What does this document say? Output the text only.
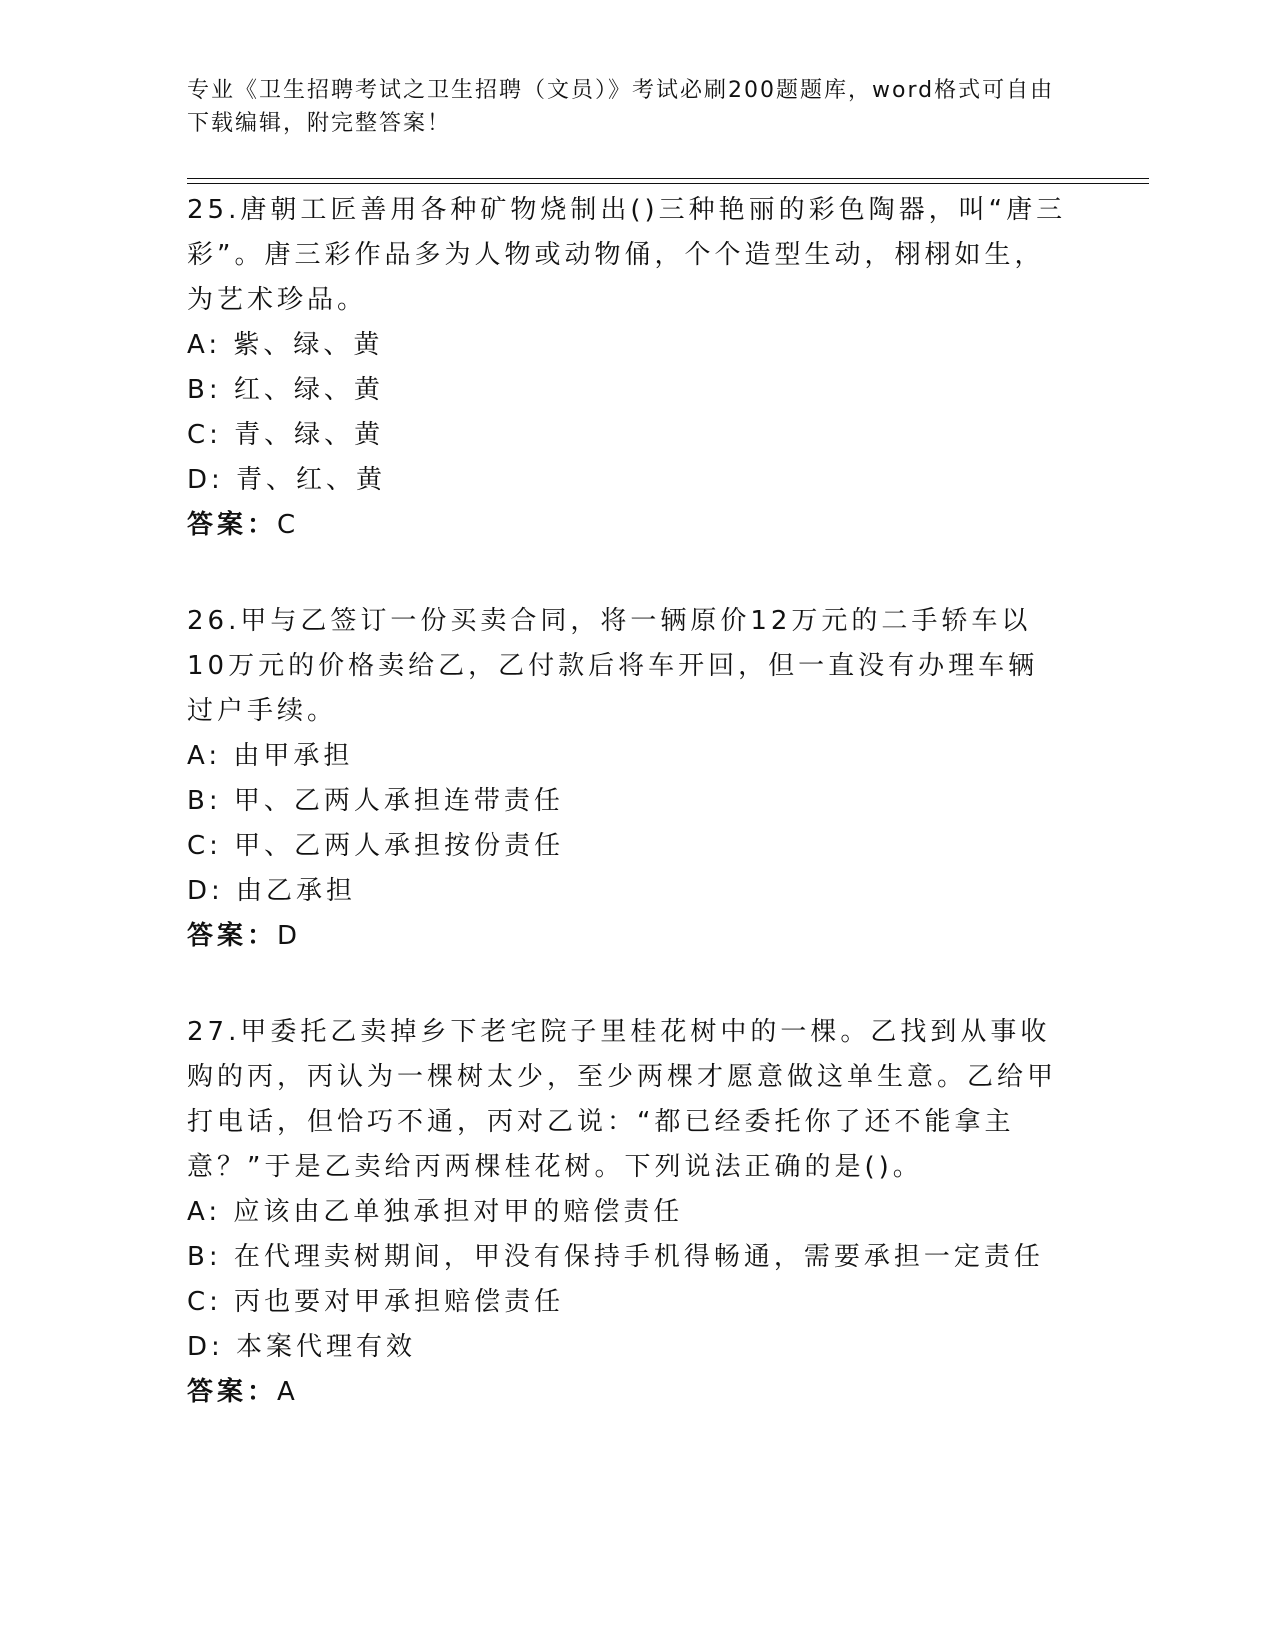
专业《卫生招聘考试之卫生招聘（文员）》考试必刷200题题库，word格式可自由下载编辑，附完整答案！

25.唐朝工匠善用各种矿物烧制出()三种艳丽的彩色陶器，叫“唐三彩”。唐三彩作品多为人物或动物俑，个个造型生动，栩栩如生，为艺术珍品。

A: 紫、绿、黄

B: 红、绿、黄

C: 青、绿、黄

D: 青、红、黄

答案：C

26.甲与乙签订一份买卖合同，将一辆原价12万元的二手轿车以10万元的价格卖给乙，乙付款后将车开回，但一直没有办理车辆过户手续。

A: 由甲承担

B: 甲、乙两人承担连带责任

C: 甲、乙两人承担按份责任

D: 由乙承担

答案：D

27.甲委托乙卖掉乡下老宅院子里桂花树中的一棵。乙找到从事收购的丙，丙认为一棵树太少，至少两棵才愿意做这单生意。乙给甲打电话，但恰巧不通，丙对乙说：“都已经委托你了还不能拿主意？”于是乙卖给丙两棵桂花树。下列说法正确的是()。

A: 应该由乙单独承担对甲的赔偿责任

B: 在代理卖树期间，甲没有保持手机得畅通，需要承担一定责任

C: 丙也要对甲承担赔偿责任

D: 本案代理有效

答案：A
